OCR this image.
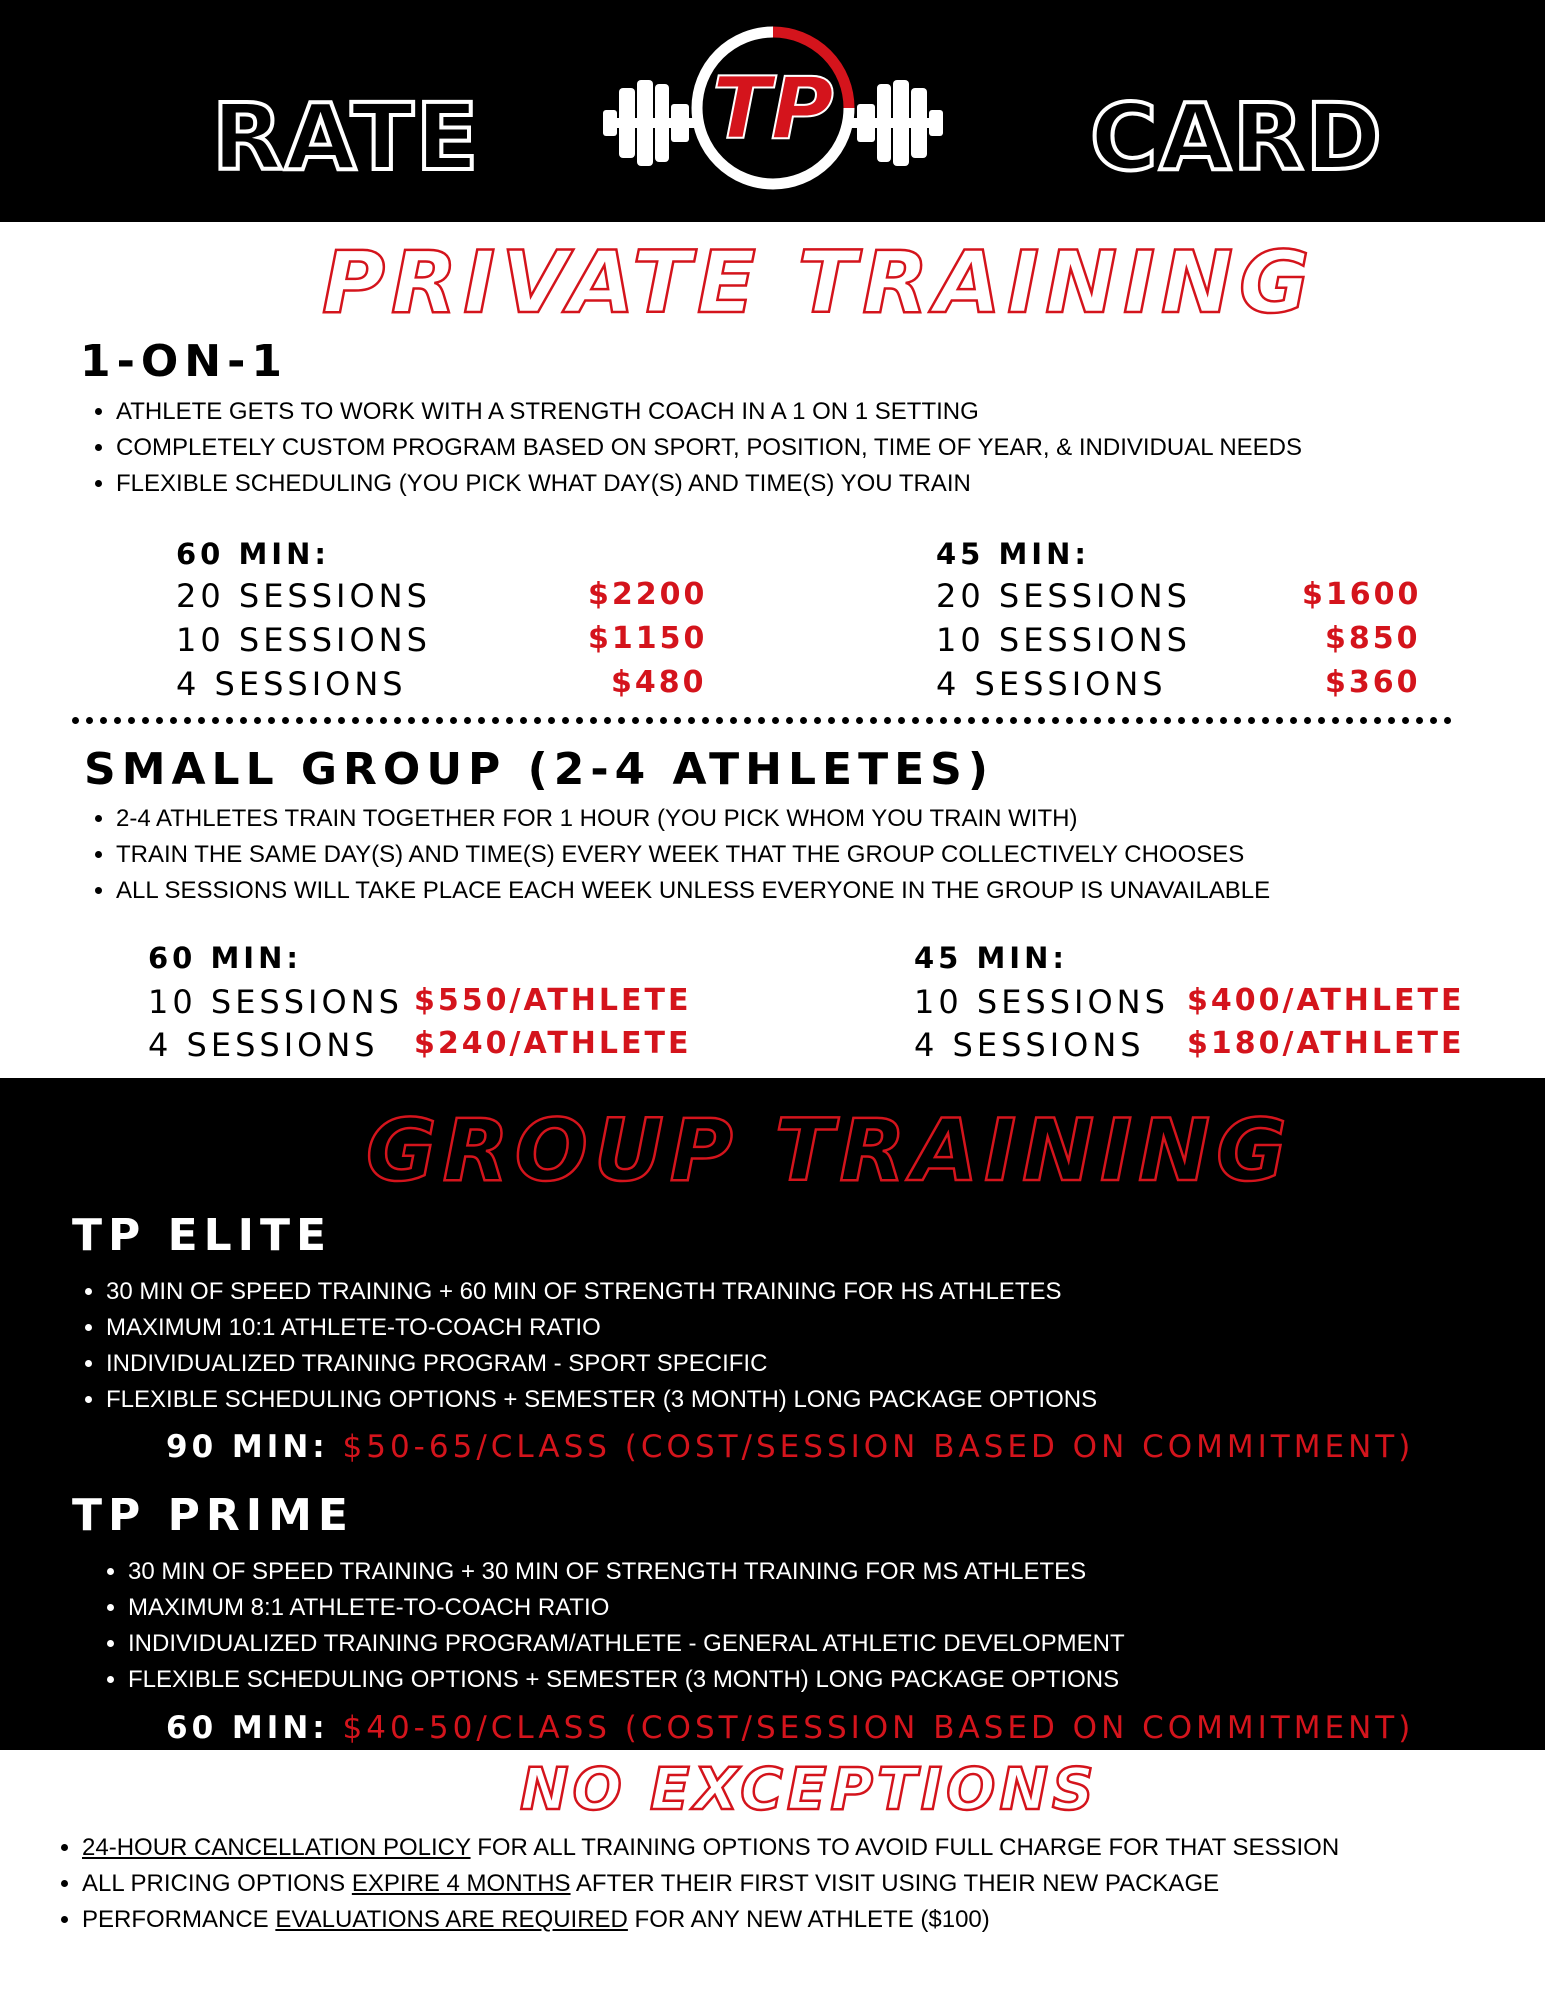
RATE	CARD
TP
PRIVATE TRAINING
1-ON-1
• ATHLETE GETS TO WORK WITH A STRENGTH COACH IN A 1 ON 1 SETTING
• COMPLETELY CUSTOM PROGRAM BASED ON SPORT, POSITION, TIME OF YEAR, & INDIVIDUAL NEEDS
• FLEXIBLE SCHEDULING (YOU PICK WHAT DAY(S) AND TIME(S) YOU TRAIN
60 MIN:
20 SESSIONS	$2200
10 SESSIONS	$1150
4 SESSIONS	$480
45 MIN:
20 SESSIONS	$1600
10 SESSIONS	$850
4 SESSIONS	$360
SMALL GROUP (2-4 ATHLETES)
• 2-4 ATHLETES TRAIN TOGETHER FOR 1 HOUR (YOU PICK WHOM YOU TRAIN WITH)
• TRAIN THE SAME DAY(S) AND TIME(S) EVERY WEEK THAT THE GROUP COLLECTIVELY CHOOSES
• ALL SESSIONS WILL TAKE PLACE EACH WEEK UNLESS EVERYONE IN THE GROUP IS UNAVAILABLE
60 MIN:
10 SESSIONS $550/ATHLETE
4 SESSIONS $240/ATHLETE
45 MIN:
10 SESSIONS $400/ATHLETE
4 SESSIONS $180/ATHLETE
GROUP TRAINING
TP ELITE
• 30 MIN OF SPEED TRAINING + 60 MIN OF STRENGTH TRAINING FOR HS ATHLETES
• MAXIMUM 10:1 ATHLETE-TO-COACH RATIO
• INDIVIDUALIZED TRAINING PROGRAM - SPORT SPECIFIC
• FLEXIBLE SCHEDULING OPTIONS + SEMESTER (3 MONTH) LONG PACKAGE OPTIONS
90 MIN: $50-65/CLASS (COST/SESSION BASED ON COMMITMENT)
TP PRIME
• 30 MIN OF SPEED TRAINING + 30 MIN OF STRENGTH TRAINING FOR MS ATHLETES
• MAXIMUM 8:1 ATHLETE-TO-COACH RATIO
• INDIVIDUALIZED TRAINING PROGRAM/ATHLETE - GENERAL ATHLETIC DEVELOPMENT
• FLEXIBLE SCHEDULING OPTIONS + SEMESTER (3 MONTH) LONG PACKAGE OPTIONS
60 MIN: $40-50/CLASS (COST/SESSION BASED ON COMMITMENT)
NO EXCEPTIONS
• 24-HOUR CANCELLATION POLICY FOR ALL TRAINING OPTIONS TO AVOID FULL CHARGE FOR THAT SESSION
• ALL PRICING OPTIONS EXPIRE 4 MONTHS AFTER THEIR FIRST VISIT USING THEIR NEW PACKAGE
• PERFORMANCE EVALUATIONS ARE REQUIRED FOR ANY NEW ATHLETE ($100)
